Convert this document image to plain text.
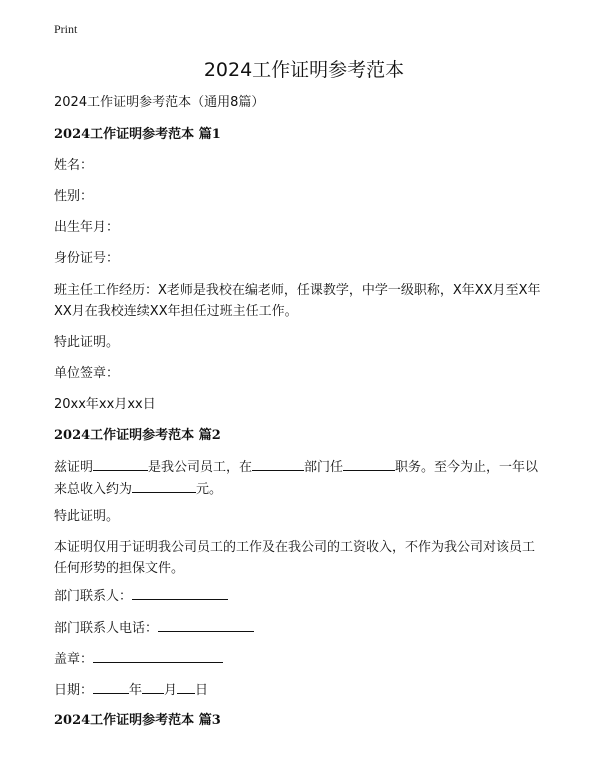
Print
2024工作证明参考范本
2024工作证明参考范本（通用8篇）
2024工作证明参考范本 篇1
姓名：
性别：
出生年月：
身份证号：
班主任工作经历：X老师是我校在编老师，任课教学，中学一级职称，X年XX月至X年XX月在我校连续XX年担任过班主任工作。
特此证明。
单位签章：
20xx年xx月xx日
2024工作证明参考范本 篇2
兹证明	是我公司员工，在	部门任	职务。至今为止，一年以来总收入约为	元。
特此证明。
本证明仅用于证明我公司员工的工作及在我公司的工资收入，不作为我公司对该员工任何形势的担保文件。
部门联系人：
部门联系人电话：
盖章：
日期：	年 月 日
2024工作证明参考范本 篇3
